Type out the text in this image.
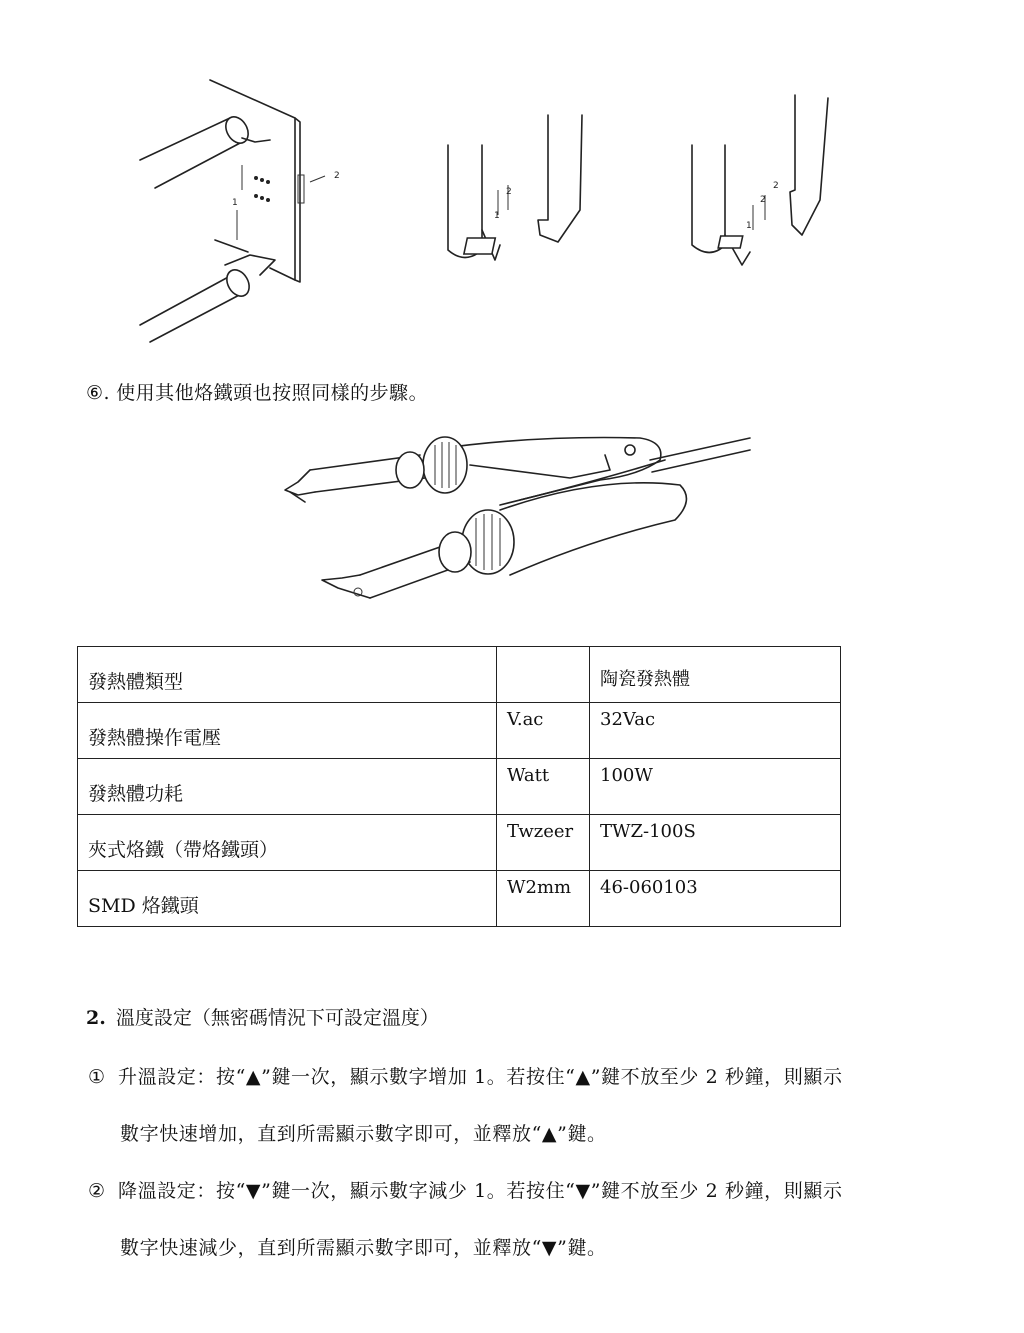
2
1
2
1
2
1
2
⑥. 使用其他烙鐵頭也按照同樣的步驟。
發熱體類型		陶瓷發熱體
發熱體操作電壓	V.ac	32Vac
發熱體功耗	Watt	100W
夾式烙鐵（帶烙鐵頭）	Twzeer	TWZ-100S
SMD 烙鐵頭	W2mm	46-060103
2. 溫度設定（無密碼情況下可設定溫度）
① 升溫設定：按“▲”鍵一次，顯示數字增加 1。若按住“▲”鍵不放至少 2 秒鐘，則顯示
數字快速增加，直到所需顯示數字即可，並釋放“▲”鍵。
② 降溫設定：按“▼”鍵一次，顯示數字減少 1。若按住“▼”鍵不放至少 2 秒鐘，則顯示
數字快速減少，直到所需顯示數字即可，並釋放“▼”鍵。
